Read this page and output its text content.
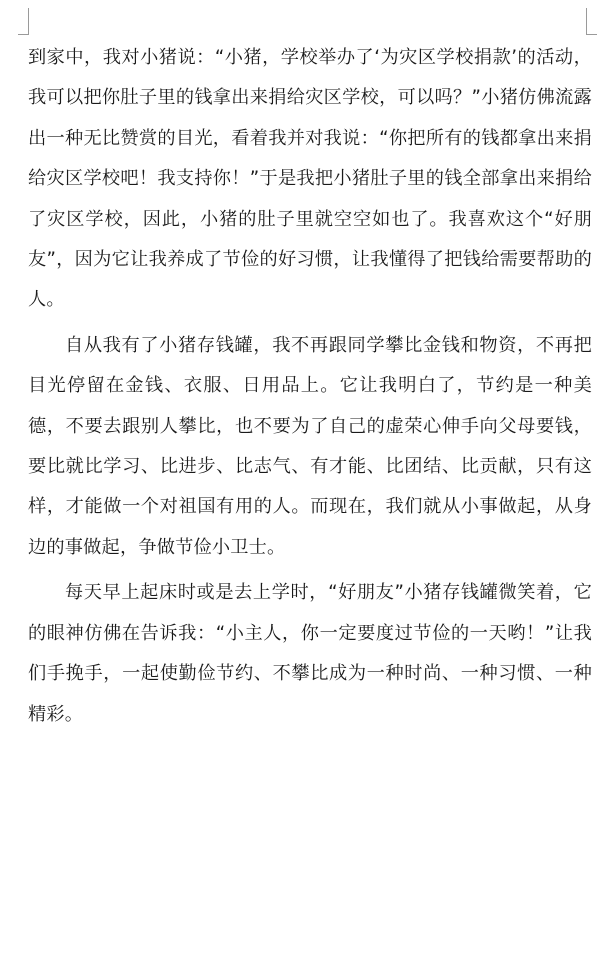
到家中，我对小猪说：“小猪，学校举办了‘为灾区学校捐款’的活动，我可以把你肚子里的钱拿出来捐给灾区学校，可以吗？”小猪仿佛流露出一种无比赞赏的目光，看着我并对我说：“你把所有的钱都拿出来捐给灾区学校吧！我支持你！”于是我把小猪肚子里的钱全部拿出来捐给了灾区学校，因此，小猪的肚子里就空空如也了。我喜欢这个“好朋友”，因为它让我养成了节俭的好习惯，让我懂得了把钱给需要帮助的人。

自从我有了小猪存钱罐，我不再跟同学攀比金钱和物资，不再把目光停留在金钱、衣服、日用品上。它让我明白了，节约是一种美德，不要去跟别人攀比，也不要为了自己的虚荣心伸手向父母要钱，要比就比学习、比进步、比志气、有才能、比团结、比贡献，只有这样，才能做一个对祖国有用的人。而现在，我们就从小事做起，从身边的事做起，争做节俭小卫士。

每天早上起床时或是去上学时，“好朋友”小猪存钱罐微笑着，它的眼神仿佛在告诉我：“小主人，你一定要度过节俭的一天哟！”让我们手挽手，一起使勤俭节约、不攀比成为一种时尚、一种习惯、一种精彩。
